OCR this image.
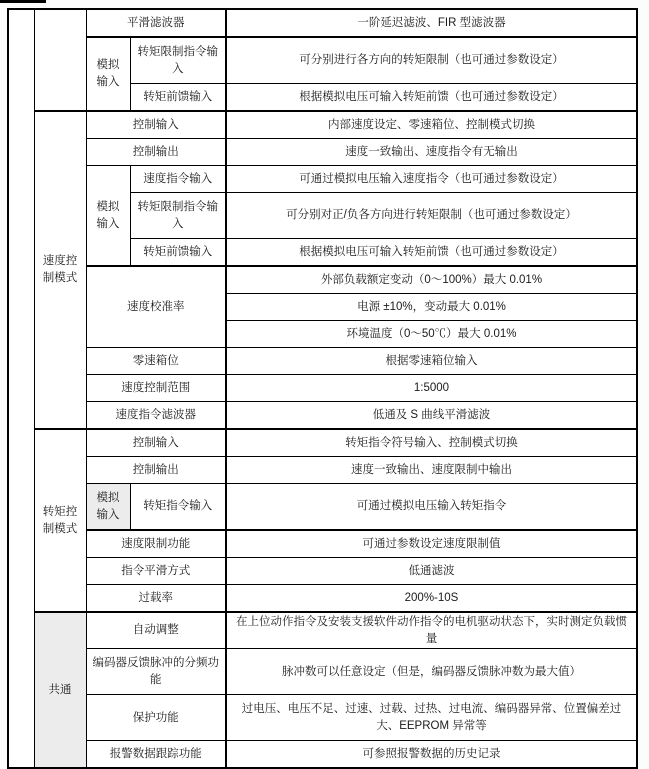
		平滑滤波器		一阶延迟滤波、FIR 型滤波器
		模拟输入	转矩限制指令输入	可分别进行各方向的转矩限制（也可通过参数设定）
			转矩前馈输入	根据模拟电压可输入转矩前馈（也可通过参数设定）
	速度控制模式	控制输入		内部速度设定、零速箱位、控制模式切换
		控制输出		速度一致输出、速度指令有无输出
		模拟输入	速度指令输入	可通过模拟电压输入速度指令（也可通过参数设定）
			转矩限制指令输入	可分别对正/负各方向进行转矩限制（也可通过参数设定）
			转矩前馈输入	根据模拟电压可输入转矩前馈（也可通过参数设定）
		速度校准率		外部负载额定变动（0～100%）最大 0.01%
				电源 ±10%，变动最大 0.01%
				环境温度（0～50℃）最大 0.01%
		零速箱位		根据零速箱位输入
		速度控制范围		1:5000
		速度指令滤波器		低通及 S 曲线平滑滤波
	转矩控制模式	控制输入		转矩指令符号输入、控制模式切换
		控制输出		速度一致输出、速度限制中输出
		模拟输入	转矩指令输入	可通过模拟电压输入转矩指令
		速度限制功能		可通过参数设定速度限制值
		指令平滑方式		低通滤波
		过载率		200%-10S
	共通	自动调整		在上位动作指令及安装支援软件动作指令的电机驱动状态下，实时测定负载惯量
		编码器反馈脉冲的分频功能		脉冲数可以任意设定（但是，编码器反馈脉冲数为最大值）
		保护功能		过电压、电压不足、过速、过载、过热、过电流、编码器异常、位置偏差过大、EEPROM 异常等
		报警数据跟踪功能		可参照报警数据的历史记录
